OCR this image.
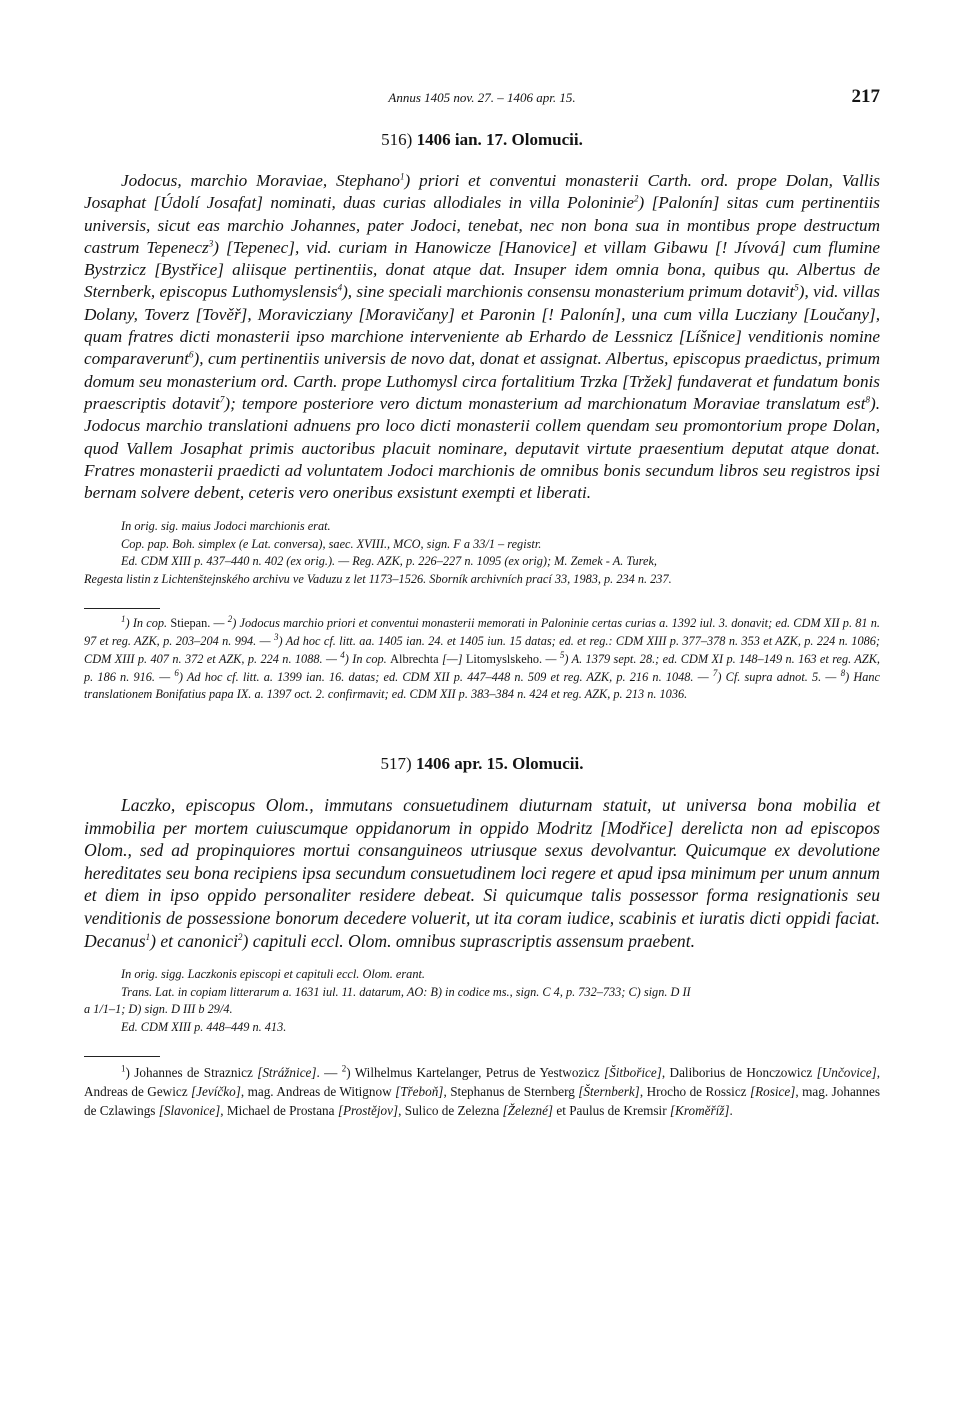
Annus 1405 nov. 27. – 1406 apr. 15.	217
516) 1406 ian. 17. Olomucii.

Jodocus, marchio Moraviae, Stephano$^1$) priori et conventui monasterii Carth. ord. prope Dolan, Vallis Josaphat [Údolí Josafat] nominati, duas curias allodiales in villa Poloninie$^2$) [Palonín] sitas cum pertinentiis universis, sicut eas marchio Johannes, pater Jodoci, tenebat, nec non bona sua in montibus prope destructum castrum Tepenecz$^3$) [Tepenec], vid. curiam in Hanowicze [Hanovice] et villam Gibawu [! Jívová] cum flumine Bystrzicz [Bystřice] aliisque pertinentiis, donat atque dat. Insuper idem omnia bona, quibus qu. Albertus de Sternberk, episcopus Luthomyslensis$^4$), sine speciali marchionis consensu monasterium primum dotavit$^5$), vid. villas Dolany, Toverz [Tověř], Moravicziany [Moravičany] et Paronin [! Palonín], una cum villa Lucziany [Loučany], quam fratres dicti monasterii ipso marchione interveniente ab Erhardo de Lessnicz [Líšnice] venditionis nomine comparaverunt$^6$), cum pertinentiis universis de novo dat, donat et assignat. Albertus, episcopus praedictus, primum domum seu monasterium ord. Carth. prope Luthomysl circa fortalitium Trzka [Tržek] fundaverat et fundatum bonis praescriptis dotavit$^7$); tempore posteriore vero dictum monasterium ad marchionatum Moraviae translatum est$^8$). Jodocus marchio translationi adnuens pro loco dicti monasterii collem quendam seu promontorium prope Dolan, quod Vallem Josaphat primis auctoribus placuit nominare, deputavit virtute praesentium deputat atque donat. Fratres monasterii praedicti ad voluntatem Jodoci marchionis de omnibus bonis secundum libros seu registros ipsi bernam solvere debent, ceteris vero oneribus exsistunt exempti et liberati.

In orig. sig. maius Jodoci marchionis erat.

Cop. pap. Boh. simplex (e Lat. conversa), saec. XVIII., MCO, sign. F a 33/1 – registr.

Ed. CDM XIII p. 437–440 n. 402 (ex orig.). — Reg. AZK, p. 226–227 n. 1095 (ex orig); M. Zemek - A. Turek,

Regesta listin z Lichtenštejnského archivu ve Vaduzu z let 1173–1526. Sborník archivních prací 33, 1983, p. 234 n. 237.

$^1$) In cop. Stiepan. — $^2$) Jodocus marchio priori et conventui monasterii memorati in Paloninie certas curias a. 1392 iul. 3. donavit; ed. CDM XII p. 81 n. 97 et reg. AZK, p. 203–204 n. 994. — $^3$) Ad hoc cf. litt. aa. 1405 ian. 24. et 1405 iun. 15 datas; ed. et reg.: CDM XIII p. 377–378 n. 353 et AZK, p. 224 n. 1086; CDM XIII p. 407 n. 372 et AZK, p. 224 n. 1088. — $^4$) In cop. Albrechta [—] Litomyslskeho. — $^5$) A. 1379 sept. 28.; ed. CDM XI p. 148–149 n. 163 et reg. AZK, p. 186 n. 916. — $^6$) Ad hoc cf. litt. a. 1399 ian. 16. datas; ed. CDM XII p. 447–448 n. 509 et reg. AZK, p. 216 n. 1048. — $^7$) Cf. supra adnot. 5. — $^8$) Hanc translationem Bonifatius papa IX. a. 1397 oct. 2. confirmavit; ed. CDM XII p. 383–384 n. 424 et reg. AZK, p. 213 n. 1036.

517) 1406 apr. 15. Olomucii.

Laczko, episcopus Olom., immutans consuetudinem diuturnam statuit, ut universa bona mobilia et immobilia per mortem cuiuscumque oppidanorum in oppido Modritz [Modřice] derelicta non ad episcopos Olom., sed ad propinquiores mortui consanguineos utriusque sexus devolvantur. Quicumque ex devolutione hereditates seu bona recipiens ipsa secundum consuetudinem loci regere et apud ipsa minimum per unum annum et diem in ipso oppido personaliter residere debeat. Si quicumque talis possessor forma resignationis seu venditionis de possessione bonorum decedere voluerit, ut ita coram iudice, scabinis et iuratis dicti oppidi faciat.      Decanus$^1$) et canonici$^2$) capituli eccl. Olom. omnibus suprascriptis assensum praebent.

In orig. sigg. Laczkonis episcopi et capituli eccl. Olom. erant.

Trans. Lat. in copiam litterarum a. 1631 iul. 11. datarum, AO: B) in codice ms., sign. C 4, p. 732–733; C) sign. D II

a 1/1–1; D) sign. D III b 29/4.

Ed. CDM XIII p. 448–449 n. 413.

$^1$) Johannes de Straznicz [Strážnice]. — $^2$) Wilhelmus Kartelanger, Petrus de Yestwozicz [Šitbořice], Daliborius de Honczowicz [Unčovice], Andreas de Gewicz [Jevíčko], mag. Andreas de Witignow [Třeboň], Stephanus de Sternberg [Šternberk], Hrocho de Rossicz [Rosice], mag. Johannes de Czlawings [Slavonice], Michael de Prostana [Prostějov], Sulico de Zelezna [Železné] et Paulus de Kremsir [Kroměříž].
